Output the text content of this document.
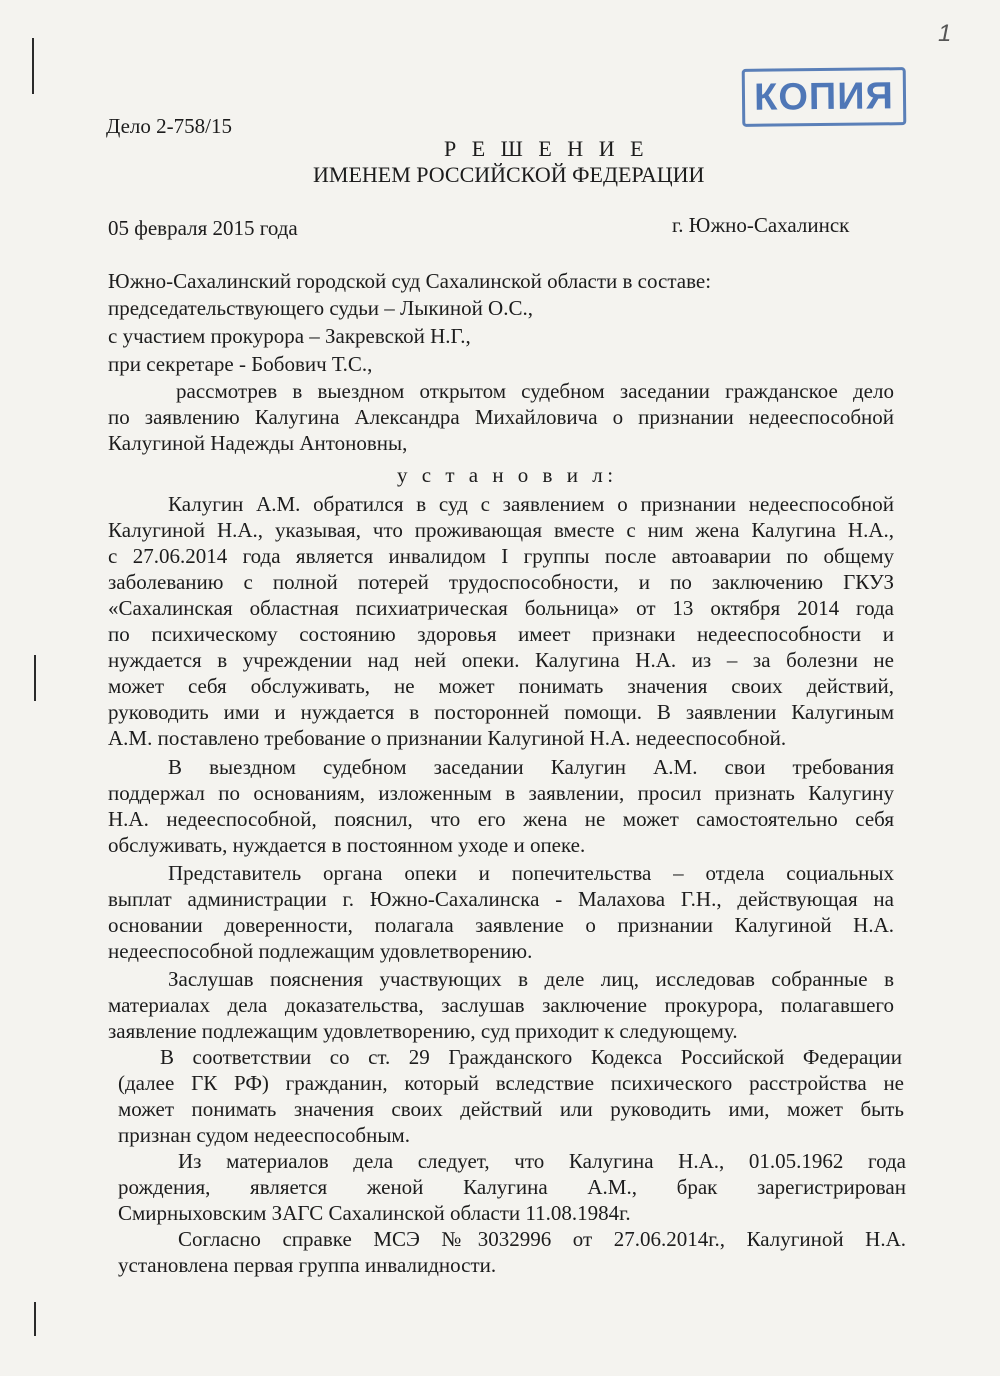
1
КОПИЯ
Дело 2-758/15
Р Е Ш Е Н И Е
ИМЕНЕМ РОССИЙСКОЙ ФЕДЕРАЦИИ
05 февраля 2015 года	г. Южно-Сахалинск
Южно-Сахалинский городской суд Сахалинской области в составе:
председательствующего судьи – Лыкиной О.С.,
с участием прокурора – Закревской Н.Г.,
при секретаре - Бобович Т.С.,
рассмотрев в выездном открытом судебном заседании гражданское дело
по заявлению Калугина Александра Михайловича о признании недееспособной
Калугиной Надежды Антоновны,
у с т а н о в и л:
Калугин А.М. обратился в суд с заявлением о признании недееспособной
Калугиной Н.А., указывая, что проживающая вместе с ним жена Калугина Н.А.,
с 27.06.2014 года является инвалидом I группы после автоаварии по общему
заболеванию с полной потерей трудоспособности, и по заключению ГКУЗ
«Сахалинская областная психиатрическая больница» от 13 октября 2014 года
по психическому состоянию здоровья имеет признаки недееспособности и
нуждается в учреждении над ней опеки. Калугина Н.А. из – за болезни не
может себя обслуживать, не может понимать значения своих действий,
руководить ими и нуждается в посторонней помощи. В заявлении Калугиным
А.М. поставлено требование о признании Калугиной Н.А. недееспособной.
В выездном судебном заседании Калугин А.М. свои требования
поддержал по основаниям, изложенным в заявлении, просил признать Калугину
Н.А. недееспособной, пояснил, что его жена не может самостоятельно себя
обслуживать, нуждается в постоянном уходе и опеке.
Представитель органа опеки и попечительства – отдела социальных
выплат администрации г. Южно-Сахалинска - Малахова Г.Н., действующая на
основании доверенности, полагала заявление о признании Калугиной Н.А.
недееспособной подлежащим удовлетворению.
Заслушав пояснения участвующих в деле лиц, исследовав собранные в
материалах дела доказательства, заслушав заключение прокурора, полагавшего
заявление подлежащим удовлетворению, суд приходит к следующему.
В соответствии со ст. 29 Гражданского Кодекса Российской Федерации
(далее ГК РФ) гражданин, который вследствие психического расстройства не
может понимать значения своих действий или руководить ими, может быть
признан судом недееспособным.
Из материалов дела следует, что Калугина Н.А., 01.05.1962 года
рождения, является женой Калугина А.М., брак зарегистрирован
Смирныховским ЗАГС Сахалинской области 11.08.1984г.
Согласно справке МСЭ №3032996 от 27.06.2014г., Калугиной Н.А.
установлена первая группа инвалидности.
